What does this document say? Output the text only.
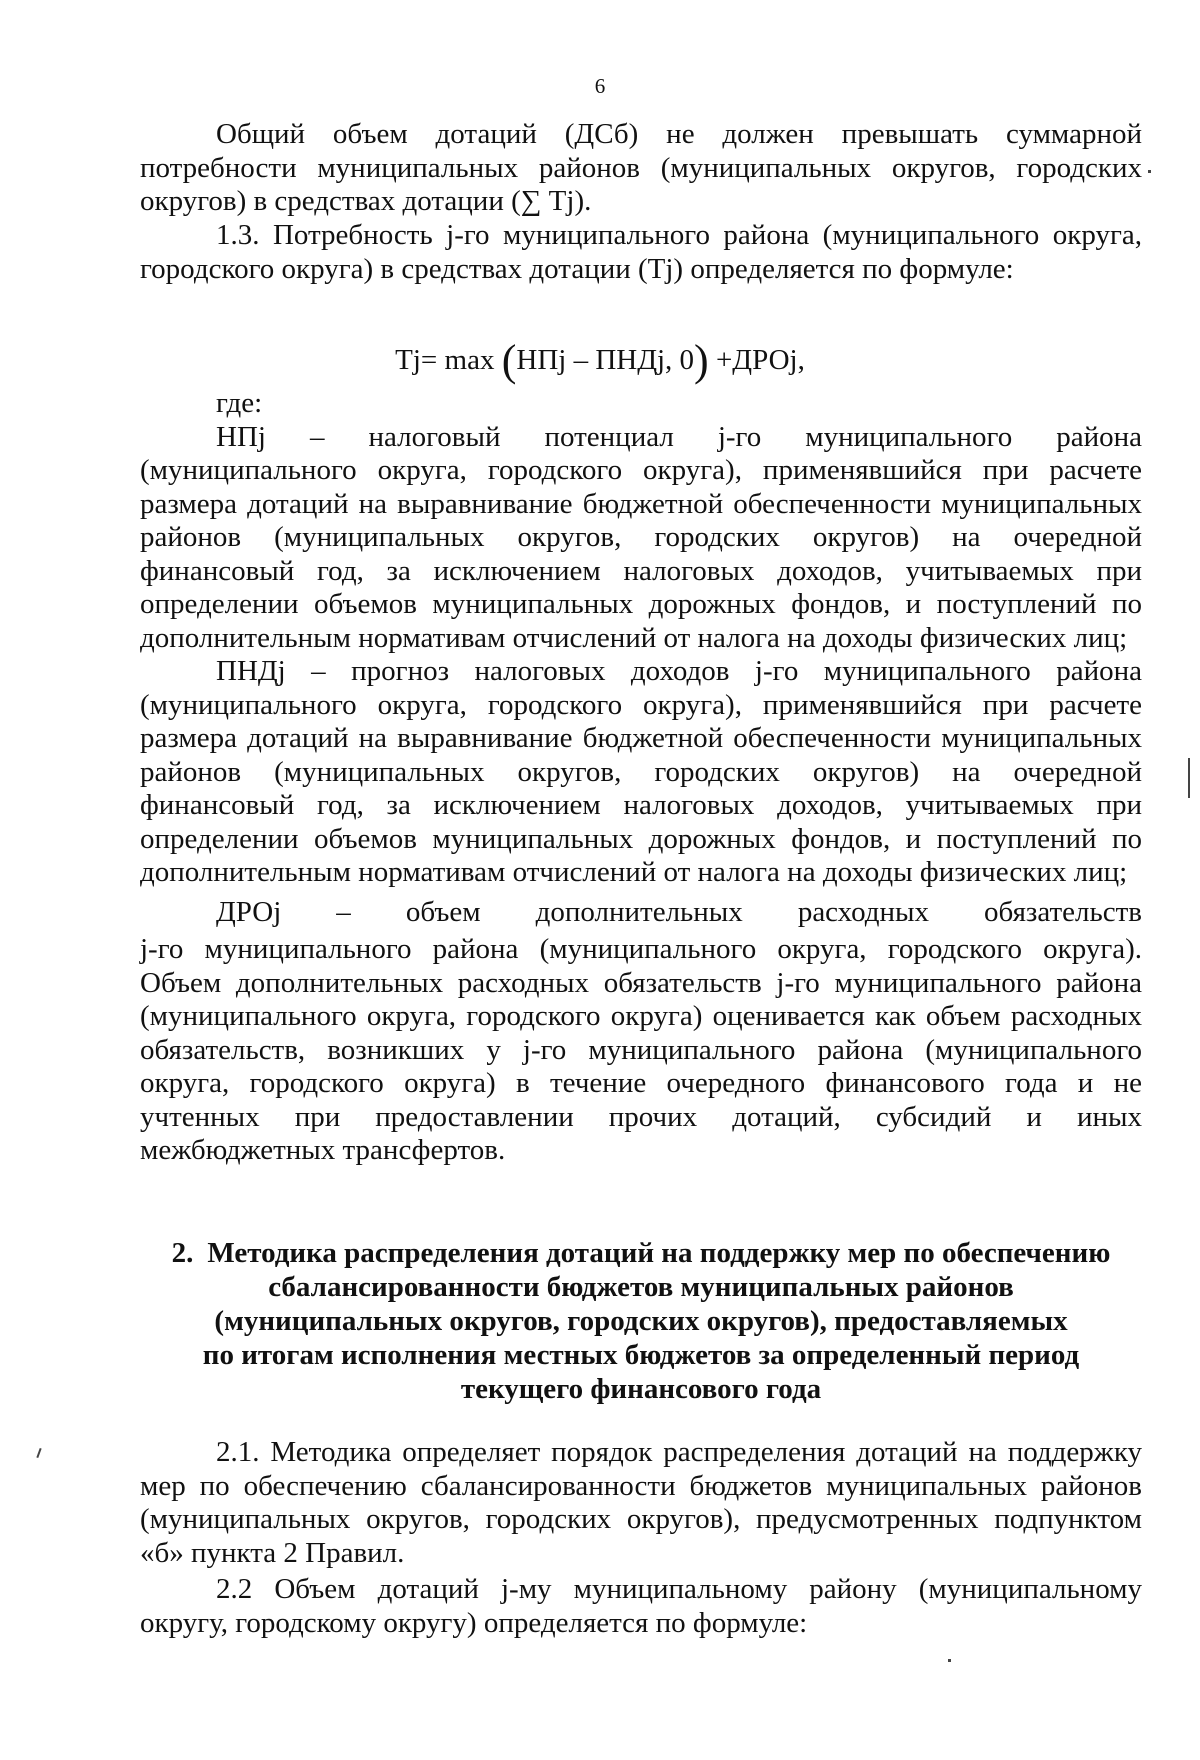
6

Общий объем дотаций (ДСб) не должен превышать суммарной потребности муниципальных районов (муниципальных округов, городских округов) в средствах дотации (∑ Tj).

1.3. Потребность j-го муниципального района (муниципального округа, городского округа) в средствах дотации (Tj) определяется по формуле:

Tj= max (НПj – ПНДj, 0) +ДРОj,

где:

НПj – налоговый потенциал j-го муниципального района (муниципального округа, городского округа), применявшийся при расчете размера дотаций на выравнивание бюджетной обеспеченности муниципальных районов (муниципальных округов, городских округов) на очередной финансовый год, за исключением налоговых доходов, учитываемых при определении объемов муниципальных дорожных фондов, и поступлений по дополнительным нормативам отчислений от налога на доходы физических лиц;

ПНДj – прогноз налоговых доходов j-го муниципального района (муниципального округа, городского округа), применявшийся при расчете размера дотаций на выравнивание бюджетной обеспеченности муниципальных районов (муниципальных округов, городских округов) на очередной финансовый год, за исключением налоговых доходов, учитываемых при определении объемов муниципальных дорожных фондов, и поступлений по дополнительным нормативам отчислений от налога на доходы физических лиц;

ДРОj – объем дополнительных расходных обязательств

j-го муниципального района (муниципального округа, городского округа). Объем дополнительных расходных обязательств j-го муниципального района (муниципального округа, городского округа) оценивается как объем расходных обязательств, возникших у j-го муниципального района (муниципального округа, городского округа) в течение очередного финансового года и не учтенных при предоставлении прочих дотаций, субсидий и иных межбюджетных трансфертов.

2. Методика распределения дотаций на поддержку мер по обеспечению
сбалансированности бюджетов муниципальных районов
(муниципальных округов, городских округов), предоставляемых
по итогам исполнения местных бюджетов за определенный период
текущего финансового года

2.1. Методика определяет порядок распределения дотаций на поддержку мер по обеспечению сбалансированности бюджетов муниципальных районов (муниципальных округов, городских округов), предусмотренных подпунктом «б» пункта 2 Правил.

2.2 Объем дотаций j-му муниципальному району (муниципальному округу, городскому округу) определяется по формуле:
